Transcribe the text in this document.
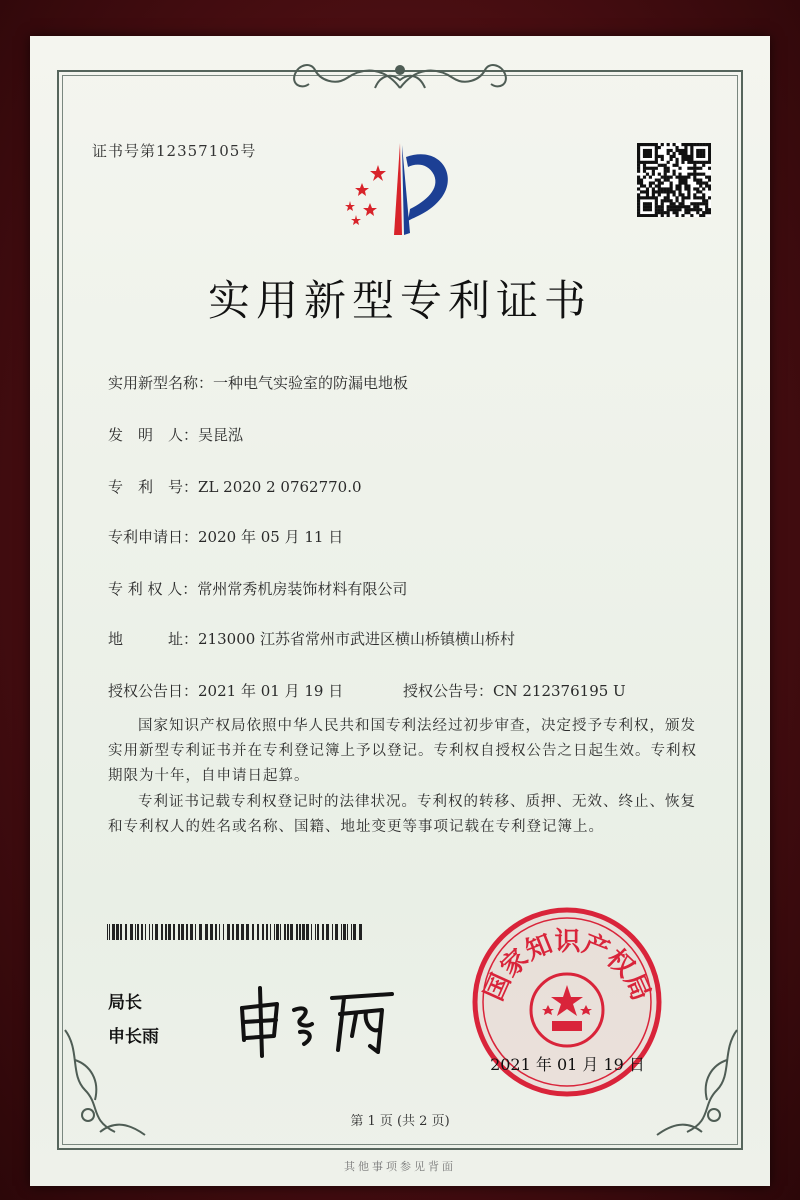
证书号第12357105号
实用新型专利证书
实用新型名称：一种电气实验室的防漏电地板
发　明　人：吴昆泓
专　利　号：ZL 2020 2 0762770.0
专利申请日：2020 年 05 月 11 日
专 利 权 人：常州常秀机房装饰材料有限公司
地　　　址：213000 江苏省常州市武进区横山桥镇横山桥村
授权公告日：2021 年 01 月 19 日	授权公告号：CN 212376195 U
国家知识产权局依照中华人民共和国专利法经过初步审查，决定授予专利权，颁发实用新型专利证书并在专利登记簿上予以登记。专利权自授权公告之日起生效。专利权期限为十年，自申请日起算。
专利证书记载专利权登记时的法律状况。专利权的转移、质押、无效、终止、恢复和专利权人的姓名或名称、国籍、地址变更等事项记载在专利登记簿上。
局长
申长雨
国家知识产权局
2021 年 01 月 19 日
第 1 页 (共 2 页)
其他事项参见背面
